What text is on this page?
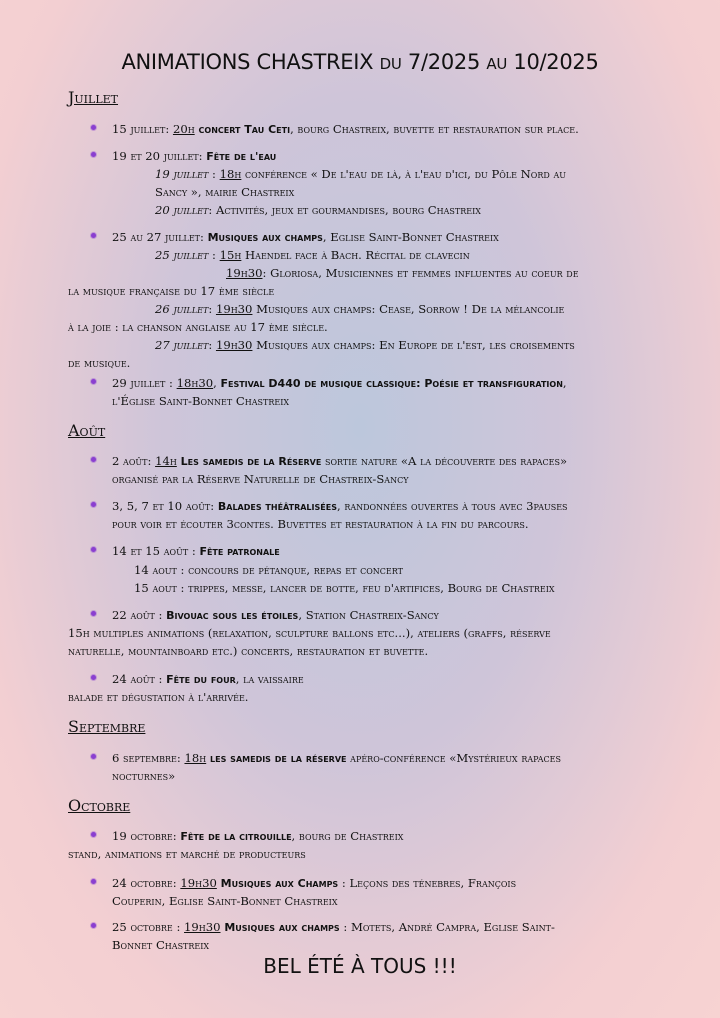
ANIMATIONS CHASTREIX du 7/2025 au 10/2025
Juillet
15 juillet: 20h concert Tau Ceti, bourg Chastreix, buvette et restauration sur place.
19 et 20 juillet: Fête de l'eau
19 juillet : 18h conférence « De l'eau de là, à l'eau d'ici, du Pôle Nord au
Sancy », mairie Chastreix
20 juillet: Activités, jeux et gourmandises, bourg Chastreix
25 au 27 juillet: Musiques aux champs, Eglise Saint-Bonnet Chastreix
25 juillet : 15h Haendel face à Bach. Récital de clavecin
19h30: Gloriosa, Musiciennes et femmes influentes au coeur de
la musique française du 17 ème siècle
26 juillet: 19h30 Musiques aux champs: Cease, Sorrow ! De la mélancolie
à la joie : la chanson anglaise au 17 ème siècle.
27 juillet: 19h30 Musiques aux champs: En Europe de l'est, les croisements
de musique.
29 juillet : 18h30, Festival D440 de musique classique: Poésie et transfiguration,
l'Église Saint-Bonnet Chastreix
Août
2 août: 14h Les samedis de la Réserve sortie nature «A la découverte des rapaces»
organisé par la Réserve Naturelle de Chastreix-Sancy
3, 5, 7 et 10 août: Balades théâtralisées, randonnées ouvertes à tous avec 3pauses
pour voir et écouter 3contes. Buvettes et restauration à la fin du parcours.
14 et 15 août : Fête patronale
14 aout : concours de pétanque, repas et concert
15 aout : trippes, messe, lancer de botte, feu d'artifices, Bourg de Chastreix
22 août : Bivouac sous les étoiles, Station Chastreix-Sancy
15h multiples animations (relaxation, sculpture ballons etc...), ateliers (graffs, réserve
naturelle, mountainboard etc.) concerts, restauration et buvette.
24 août : Fête du four, la vaissaire
balade et dégustation à l'arrivée.
Septembre
6 septembre: 18h les samedis de la réserve apéro-conférence «Mystérieux rapaces
nocturnes»
Octobre
19 octobre: Fête de la citrouille, bourg de Chastreix
stand, animations et marché de producteurs
24 octobre: 19h30 Musiques aux Champs : Leçons des ténebres, François
Couperin, Eglise Saint-Bonnet Chastreix
25 octobre : 19h30 Musiques aux champs : Motets, André Campra, Eglise Saint-
Bonnet Chastreix

BEL ÉTÉ À TOUS !!!
